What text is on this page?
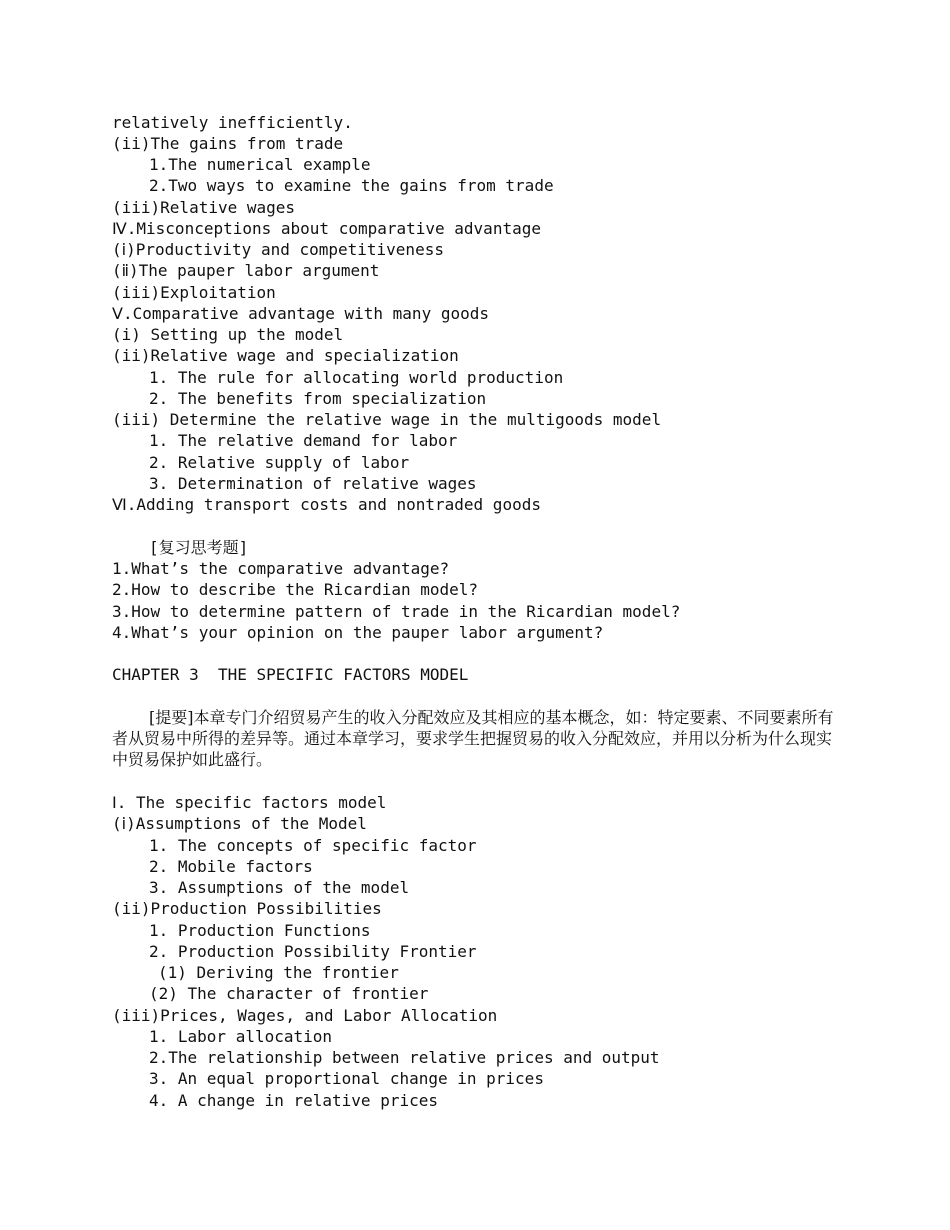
relatively inefficiently.
(ii)The gains from trade
1.The numerical example
2.Two ways to examine the gains from trade
(iii)Relative wages
Ⅳ.Misconceptions about comparative advantage
(ⅰ)Productivity and competitiveness
(ⅱ)The pauper labor argument
(iii)Exploitation
Ⅴ.Comparative advantage with many goods
(i) Setting up the model
(ii)Relative wage and specialization
1. The rule for allocating world production
2. The benefits from specialization
(iii) Determine the relative wage in the multigoods model
1. The relative demand for labor
2. Relative supply of labor
3. Determination of relative wages
Ⅵ.Adding transport costs and nontraded goods
[复习思考题]
1.What’s the comparative advantage?
2.How to describe the Ricardian model?
3.How to determine pattern of trade in the Ricardian model?
4.What’s your opinion on the pauper labor argument?
CHAPTER 3  THE SPECIFIC FACTORS MODEL
[提要]本章专门介绍贸易产生的收入分配效应及其相应的基本概念，如：特定要素、不同要素所有者从贸易中所得的差异等。通过本章学习，要求学生把握贸易的收入分配效应，并用以分析为什么现实中贸易保护如此盛行。
Ⅰ. The specific factors model
(ⅰ)Assumptions of the Model
1. The concepts of specific factor
2. Mobile factors
3. Assumptions of the model
(ii)Production Possibilities
1. Production Functions
2. Production Possibility Frontier
(1) Deriving the frontier
(2) The character of frontier
(iii)Prices, Wages, and Labor Allocation
1. Labor allocation
2.The relationship between relative prices and output
3. An equal proportional change in prices
4. A change in relative prices
